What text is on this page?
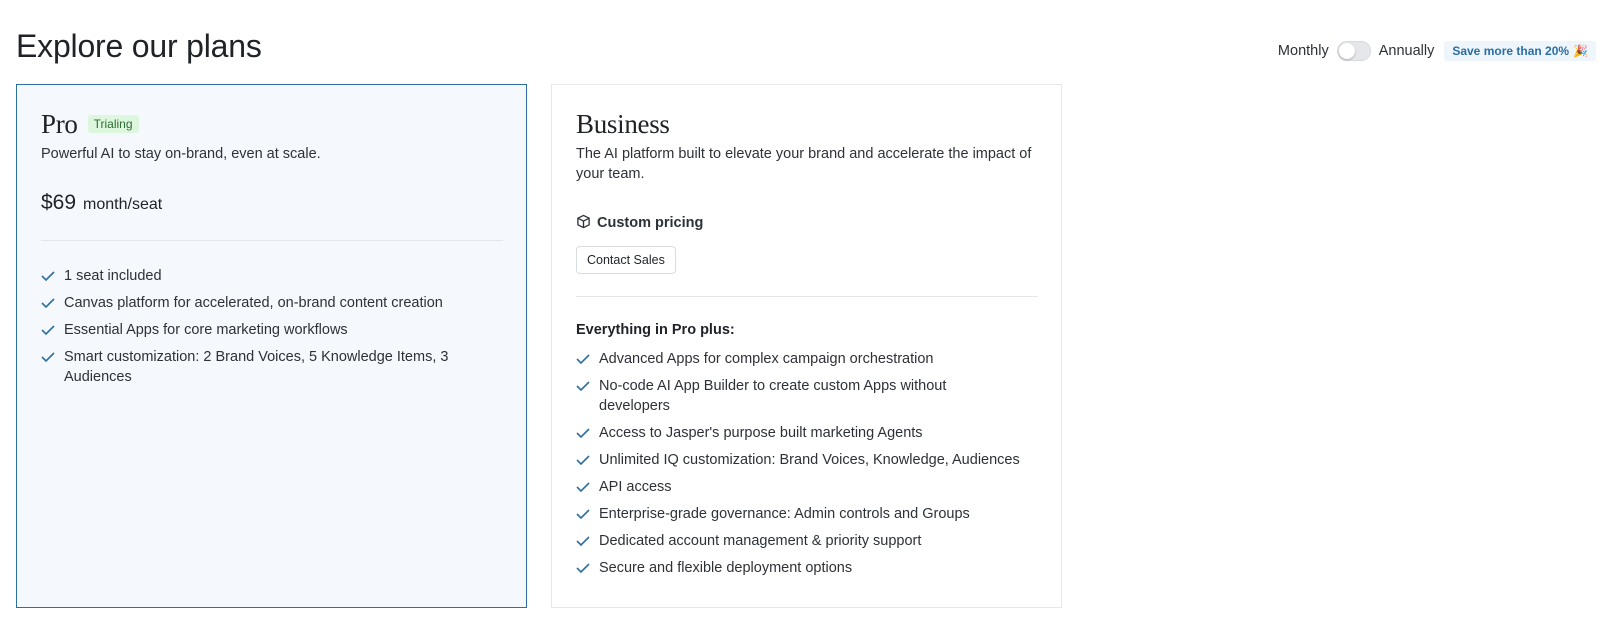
Explore our plans	Monthly	Annually Save more than 20% 🎉
Pro	Trialing

Powerful AI to stay on-brand, even at scale.

$69 month/seat
1 seat included
Canvas platform for accelerated, on-brand content creation
Essential Apps for core marketing workflows
Smart customization: 2 Brand Voices, 5 Knowledge Items, 3 Audiences
Business

The AI platform built to elevate your brand and accelerate the impact of your team.

Custom pricing
Contact Sales
Everything in Pro plus:
Advanced Apps for complex campaign orchestration
No-code AI App Builder to create custom Apps without developers
Access to Jasper's purpose built marketing Agents
Unlimited IQ customization: Brand Voices, Knowledge, Audiences
API access
Enterprise-grade governance: Admin controls and Groups
Dedicated account management & priority support
Secure and flexible deployment options
